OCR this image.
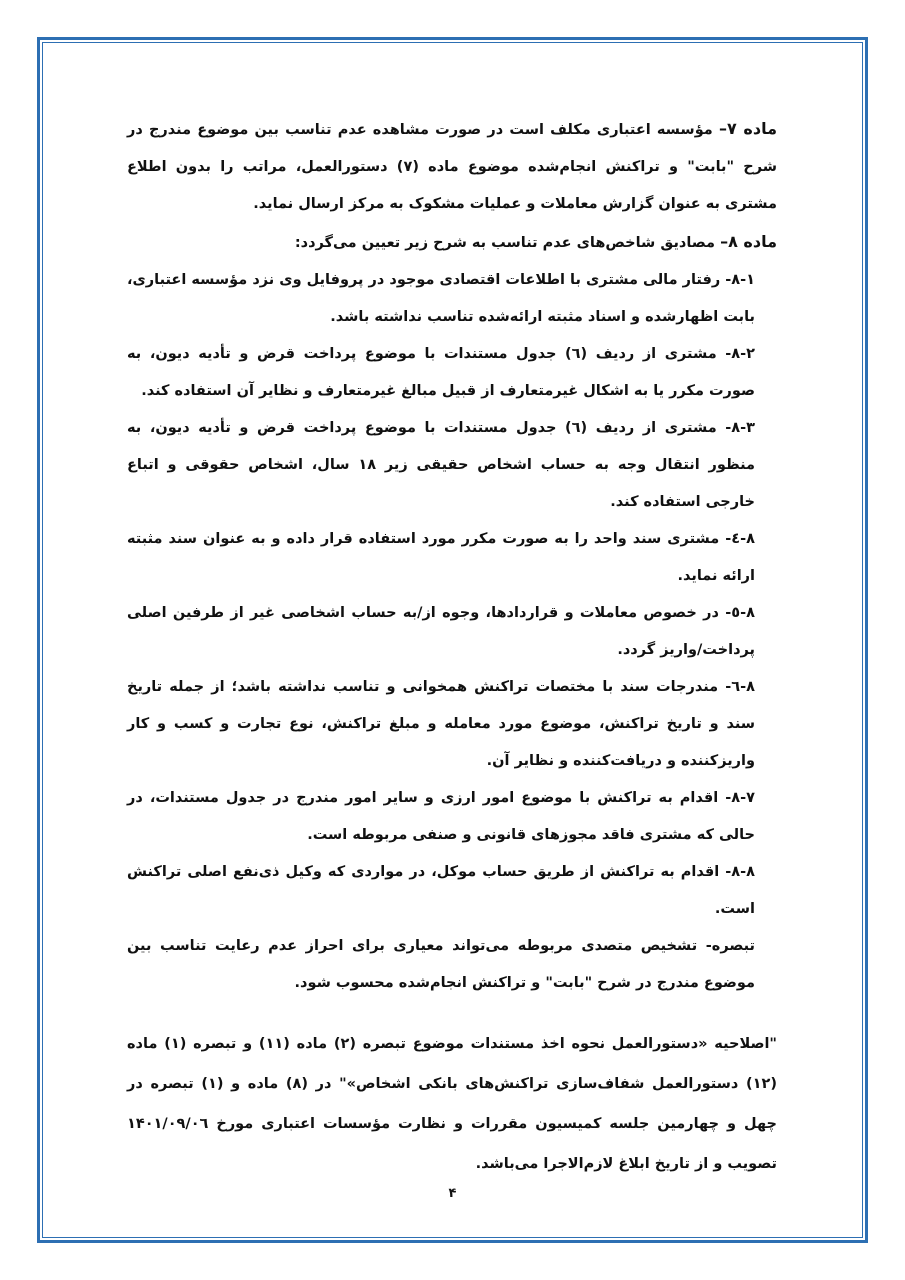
ماده ۷– مؤسسه اعتباری مکلف است در صورت مشاهده عدم تناسب بین موضوع مندرج در شرح "بابت" و تراکنش انجام‌شده موضوع ماده (۷) دستورالعمل، مراتب را بدون اطلاع مشتری به عنوان گزارش معاملات و عملیات مشکوک به مرکز ارسال نماید.

ماده ۸– مصادیق شاخص‌های عدم تناسب به شرح زیر تعیین می‌گردد:

۸-۱- رفتار مالی مشتری با اطلاعات اقتصادی موجود در پروفایل وی نزد مؤسسه اعتباری، بابت اظهارشده و اسناد مثبته ارائه‌شده تناسب نداشته باشد.

۸-۲- مشتری از ردیف (٦) جدول مستندات با موضوع پرداخت قرض و تأدیه دیون، به صورت مکرر یا به اشکال غیرمتعارف از قبیل مبالغ غیرمتعارف و نظایر آن استفاده کند.

۸-۳- مشتری از ردیف (٦) جدول مستندات با موضوع پرداخت قرض و تأدیه دیون، به منظور انتقال وجه به حساب اشخاص حقیقی زیر ۱۸ سال، اشخاص حقوقی و اتباع خارجی استفاده کند.

۸-٤- مشتری سند واحد را به صورت مکرر مورد استفاده قرار داده و به عنوان سند مثبته ارائه نماید.

۸-٥- در خصوص معاملات و قراردادها، وجوه از/به حساب اشخاصی غیر از طرفین اصلی پرداخت/واریز گردد.

۸-٦- مندرجات سند با مختصات تراکنش همخوانی و تناسب نداشته باشد؛ از جمله تاریخ سند و تاریخ تراکنش، موضوع مورد معامله و مبلغ تراکنش، نوع تجارت و کسب و کار واریزکننده و دریافت‌کننده و نظایر آن.

۸-۷- اقدام به تراکنش با موضوع امور ارزی و سایر امور مندرج در جدول مستندات، در حالی که مشتری فاقد مجوزهای قانونی و صنفی مربوطه است.

۸-۸- اقدام به تراکنش از طریق حساب موکل، در مواردی که وکیل ذی‌نفع اصلی تراکنش است.

تبصره- تشخیص متصدی مربوطه می‌تواند معیاری برای احراز عدم رعایت تناسب بین موضوع مندرج در شرح "بابت" و تراکنش انجام‌شده محسوب شود.

"اصلاحیه «دستورالعمل نحوه اخذ مستندات موضوع تبصره (۲) ماده (۱۱) و تبصره (۱) ماده (۱۲) دستورالعمل شفاف‌سازی تراکنش‌های بانکی اشخاص»" در (۸) ماده و (۱) تبصره در چهل و چهارمین جلسه کمیسیون مقررات و نظارت مؤسسات اعتباری مورخ ۱۴۰۱/۰۹/۰٦ تصویب و از تاریخ ابلاغ لازم‌الاجرا می‌باشد.

۴
